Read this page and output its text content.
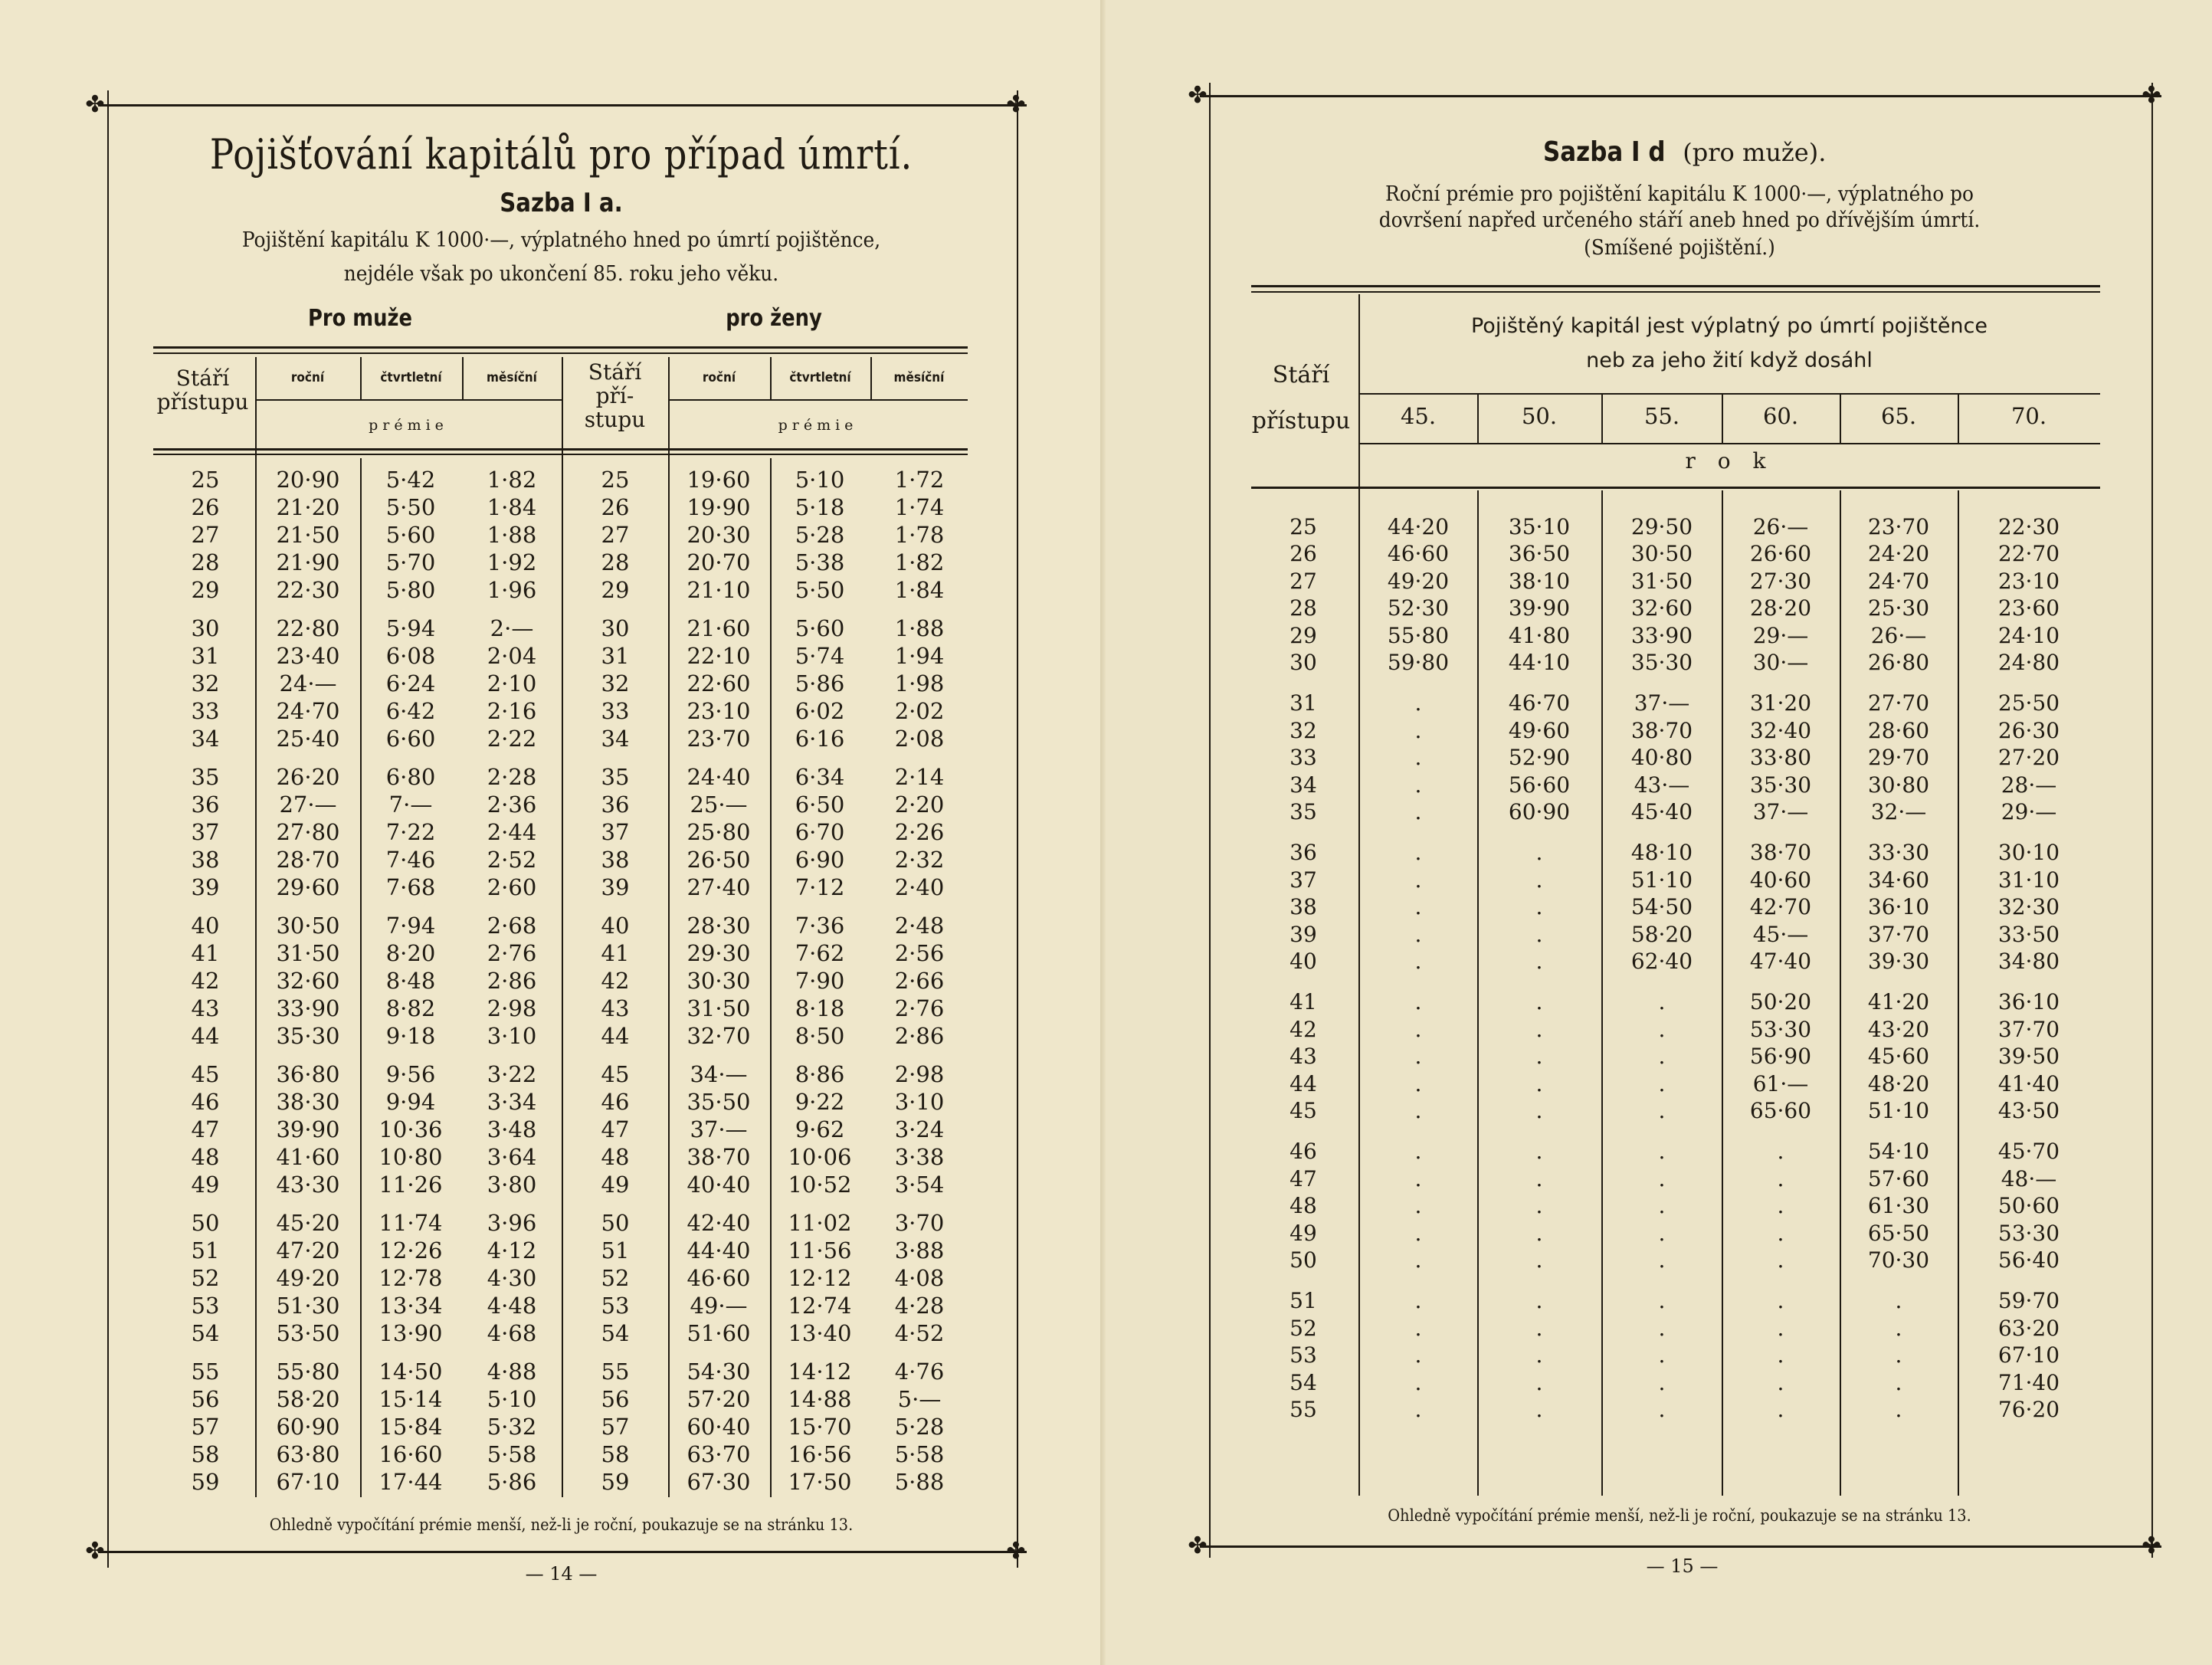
✤	✤
✤	✤
Pojišťování kapitálů pro případ úmrtí.
Sazba I a.
Pojištění kapitálu K 1000·—, výplatného hned po úmrtí pojištěnce,
nejdéle však po ukončení 85. roku jeho věku.
Pro muže	pro ženy
Stáří
přístupu
roční	čtvrtletní	měsíční
prémie
Stáří
pří-
stupu
roční	čtvrtletní	měsíční
prémie
25	20·90	5·42	1·82	25	19·60	5·10	1·72
26	21·20	5·50	1·84	26	19·90	5·18	1·74
27	21·50	5·60	1·88	27	20·30	5·28	1·78
28	21·90	5·70	1·92	28	20·70	5·38	1·82
29	22·30	5·80	1·96	29	21·10	5·50	1·84
30	22·80	5·94	2·—	30	21·60	5·60	1·88
31	23·40	6·08	2·04	31	22·10	5·74	1·94
32	24·—	6·24	2·10	32	22·60	5·86	1·98
33	24·70	6·42	2·16	33	23·10	6·02	2·02
34	25·40	6·60	2·22	34	23·70	6·16	2·08
35	26·20	6·80	2·28	35	24·40	6·34	2·14
36	27·—	7·—	2·36	36	25·—	6·50	2·20
37	27·80	7·22	2·44	37	25·80	6·70	2·26
38	28·70	7·46	2·52	38	26·50	6·90	2·32
39	29·60	7·68	2·60	39	27·40	7·12	2·40
40	30·50	7·94	2·68	40	28·30	7·36	2·48
41	31·50	8·20	2·76	41	29·30	7·62	2·56
42	32·60	8·48	2·86	42	30·30	7·90	2·66
43	33·90	8·82	2·98	43	31·50	8·18	2·76
44	35·30	9·18	3·10	44	32·70	8·50	2·86
45	36·80	9·56	3·22	45	34·—	8·86	2·98
46	38·30	9·94	3·34	46	35·50	9·22	3·10
47	39·90	10·36	3·48	47	37·—	9·62	3·24
48	41·60	10·80	3·64	48	38·70	10·06	3·38
49	43·30	11·26	3·80	49	40·40	10·52	3·54
50	45·20	11·74	3·96	50	42·40	11·02	3·70
51	47·20	12·26	4·12	51	44·40	11·56	3·88
52	49·20	12·78	4·30	52	46·60	12·12	4·08
53	51·30	13·34	4·48	53	49·—	12·74	4·28
54	53·50	13·90	4·68	54	51·60	13·40	4·52
55	55·80	14·50	4·88	55	54·30	14·12	4·76
56	58·20	15·14	5·10	56	57·20	14·88	5·—
57	60·90	15·84	5·32	57	60·40	15·70	5·28
58	63·80	16·60	5·58	58	63·70	16·56	5·58
59	67·10	17·44	5·86	59	67·30	17·50	5·88
Ohledně vypočítání prémie menší, než-li je roční, poukazuje se na stránku 13.
— 14 —
✤	✤
✤	✤
Sazba I d (pro muže).
Roční prémie pro pojištění kapitálu K 1000·—, výplatného po
dovršení napřed určeného stáří aneb hned po dřívějším úmrtí.
(Smíšené pojištění.)
Stáří
přístupu
Pojištěný kapitál jest výplatný po úmrtí pojištěnce
neb za jeho žití když dosáhl
45.	50.	55.	60.	65.	70.
r o k
25	44·20	35·10	29·50	26·—	23·70	22·30
26	46·60	36·50	30·50	26·60	24·20	22·70
27	49·20	38·10	31·50	27·30	24·70	23·10
28	52·30	39·90	32·60	28·20	25·30	23·60
29	55·80	41·80	33·90	29·—	26·—	24·10
30	59·80	44·10	35·30	30·—	26·80	24·80
31	.	46·70	37·—	31·20	27·70	25·50
32	.	49·60	38·70	32·40	28·60	26·30
33	.	52·90	40·80	33·80	29·70	27·20
34	.	56·60	43·—	35·30	30·80	28·—
35	.	60·90	45·40	37·—	32·—	29·—
36	.	.	48·10	38·70	33·30	30·10
37	.	.	51·10	40·60	34·60	31·10
38	.	.	54·50	42·70	36·10	32·30
39	.	.	58·20	45·—	37·70	33·50
40	.	.	62·40	47·40	39·30	34·80
41	.	.	.	50·20	41·20	36·10
42	.	.	.	53·30	43·20	37·70
43	.	.	.	56·90	45·60	39·50
44	.	.	.	61·—	48·20	41·40
45	.	.	.	65·60	51·10	43·50
46	.	.	.	.	54·10	45·70
47	.	.	.	.	57·60	48·—
48	.	.	.	.	61·30	50·60
49	.	.	.	.	65·50	53·30
50	.	.	.	.	70·30	56·40
51	.	.	.	.	.	59·70
52	.	.	.	.	.	63·20
53	.	.	.	.	.	67·10
54	.	.	.	.	.	71·40
55	.	.	.	.	.	76·20
Ohledně vypočítání prémie menší, než-li je roční, poukazuje se na stránku 13.
— 15 —
